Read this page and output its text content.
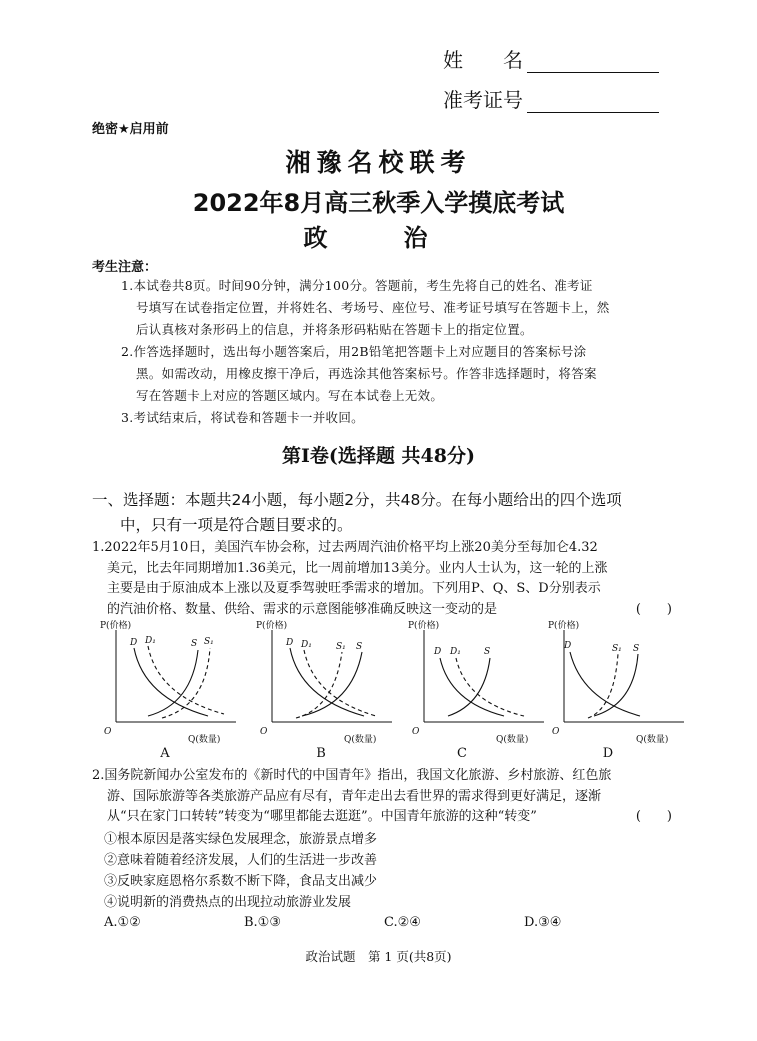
姓　　名
准考证号
绝密★启用前
湘豫名校联考
2022年8月高三秋季入学摸底考试
政　治
考生注意：
1.本试卷共8页。时间90分钟，满分100分。答题前，考生先将自己的姓名、准考证
号填写在试卷指定位置，并将姓名、考场号、座位号、准考证号填写在答题卡上，然
后认真核对条形码上的信息，并将条形码粘贴在答题卡上的指定位置。
2.作答选择题时，选出每小题答案后，用2B铅笔把答题卡上对应题目的答案标号涂
黑。如需改动，用橡皮擦干净后，再选涂其他答案标号。作答非选择题时，将答案
写在答题卡上对应的答题区域内。写在本试卷上无效。
3.考试结束后，将试卷和答题卡一并收回。
第Ⅰ卷(选择题 共48分)
一、选择题：本题共24小题，每小题2分，共48分。在每小题给出的四个选项
中，只有一项是符合题目要求的。
1.2022年5月10日，美国汽车协会称，过去两周汽油价格平均上涨20美分至每加仑4.32
美元，比去年同期增加1.36美元，比一周前增加13美分。业内人士认为，这一轮的上涨
主要是由于原油成本上涨以及夏季驾驶旺季需求的增加。下列用P、Q、S、D分别表示
的汽油价格、数量、供给、需求的示意图能够准确反映这一变动的是	(　　)
P(价格)
O
Q(数量)
D D₁	S S₁
A
P(价格)
O
Q(数量)
D D₁	S₁ S
B
P(价格)
O
Q(数量)
D D₁	S
C
P(价格)
O
Q(数量)
D	S₁ S
D
2.国务院新闻办公室发布的《新时代的中国青年》指出，我国文化旅游、乡村旅游、红色旅
游、国际旅游等各类旅游产品应有尽有，青年走出去看世界的需求得到更好满足，逐渐
从“只在家门口转转”转变为“哪里都能去逛逛”。中国青年旅游的这种“转变”	(　　)
①根本原因是落实绿色发展理念，旅游景点增多
②意味着随着经济发展，人们的生活进一步改善
③反映家庭恩格尔系数不断下降，食品支出减少
④说明新的消费热点的出现拉动旅游业发展
A.①②	B.①③	C.②④	D.③④
政治试题　第 1 页(共8页)
